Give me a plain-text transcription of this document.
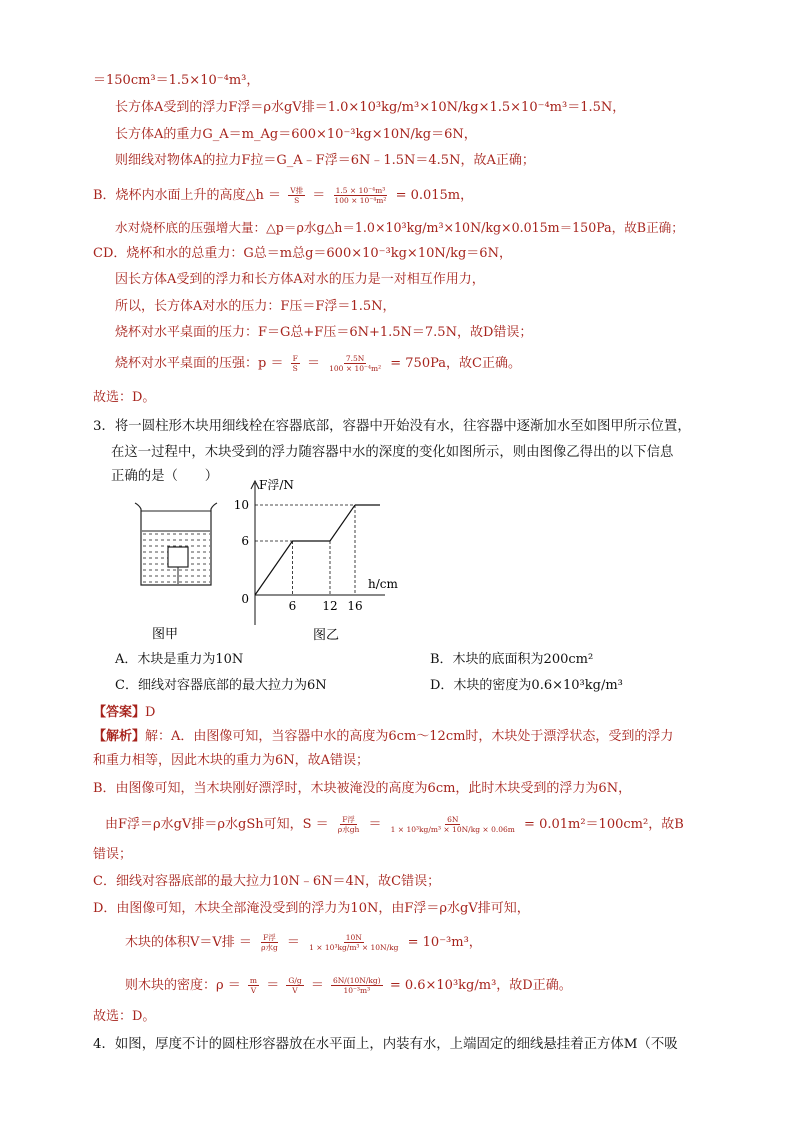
＝150cm³＝1.5×10⁻⁴m³，
长方体A受到的浮力F浮＝ρ水gV排＝1.0×10³kg/m³×10N/kg×1.5×10⁻⁴m³＝1.5N，
长方体A的重力G_A＝m_Ag＝600×10⁻³kg×10N/kg＝6N，
则细线对物体A的拉力F拉＝G_A﹣F浮＝6N﹣1.5N＝4.5N，故A正确；
B．烧杯内水面上升的高度△h ＝ $\frac{\text{V排}}{S} = \frac{\text{1.5 × 10⁻⁴m³}}{\text{100 × 10⁻⁴m²}} = 0.015m$，
水对烧杯底的压强增大量：△p＝ρ水g△h＝1.0×10³kg/m³×10N/kg×0.015m＝150Pa，故B正确；
CD．烧杯和水的总重力：G总＝m总g＝600×10⁻³kg×10N/kg＝6N，
因长方体A受到的浮力和长方体A对水的压力是一对相互作用力，
所以，长方体A对水的压力：F压＝F浮＝1.5N，
烧杯对水平桌面的压力：F＝G总+F压＝6N+1.5N＝7.5N，故D错误；
烧杯对水平桌面的压强：$p = \frac{F}{S} = \frac{7.5N}{\text{100 × 10⁻⁴m²}} = 750Pa$，故C正确。
故选：D。
3．将一圆柱形木块用细线栓在容器底部，容器中开始没有水，往容器中逐渐加水至如图甲所示位置，
在这一过程中，木块受到的浮力随容器中水的深度的变化如图所示，则由图像乙得出的以下信息
正确的是（　　）
图甲
F浮/N
h/cm
10
6
0	6 12 16
图乙
A．木块是重力为10N	B．木块的底面积为200cm²
C．细线对容器底部的最大拉力为6N	D．木块的密度为0.6×10³kg/m³
【答案】D
【解析】解：A．由图像可知，当容器中水的高度为6cm～12cm时，木块处于漂浮状态，受到的浮力
和重力相等，因此木块的重力为6N，故A错误；
B．由图像可知，当木块刚好漂浮时，木块被淹没的高度为6cm，此时木块受到的浮力为6N，
由F浮＝ρ水gV排＝ρ水gSh可知，$S = \frac{\text{F浮}}{\text{ρ水gh}} = \frac{6N}{\text{1 × 10³kg/m³ × 10N/kg × 0.06m}} = 0.01m^2=100cm^2$，故B
错误；
C．细线对容器底部的最大拉力10N﹣6N＝4N，故C错误；
D．由图像可知，木块全部淹没受到的浮力为10N，由F浮＝ρ水gV排可知，
木块的体积V＝V排 ＝ $\frac{\text{F浮}}{\text{ρ水g}} = \frac{10N}{\text{1 × 10³kg/m³ × 10N/kg}} = 10^{-3}m^3$，
则木块的密度：$\rho = \frac{m}{V} = \frac{G/g}{V} = \frac{6N/(10N/kg)}{\text{10⁻³m³}} = 0.6\times 10^3kg/m^3$，故D正确。
故选：D。
4．如图，厚度不计的圆柱形容器放在水平面上，内装有水，上端固定的细线悬挂着正方体M（不吸
